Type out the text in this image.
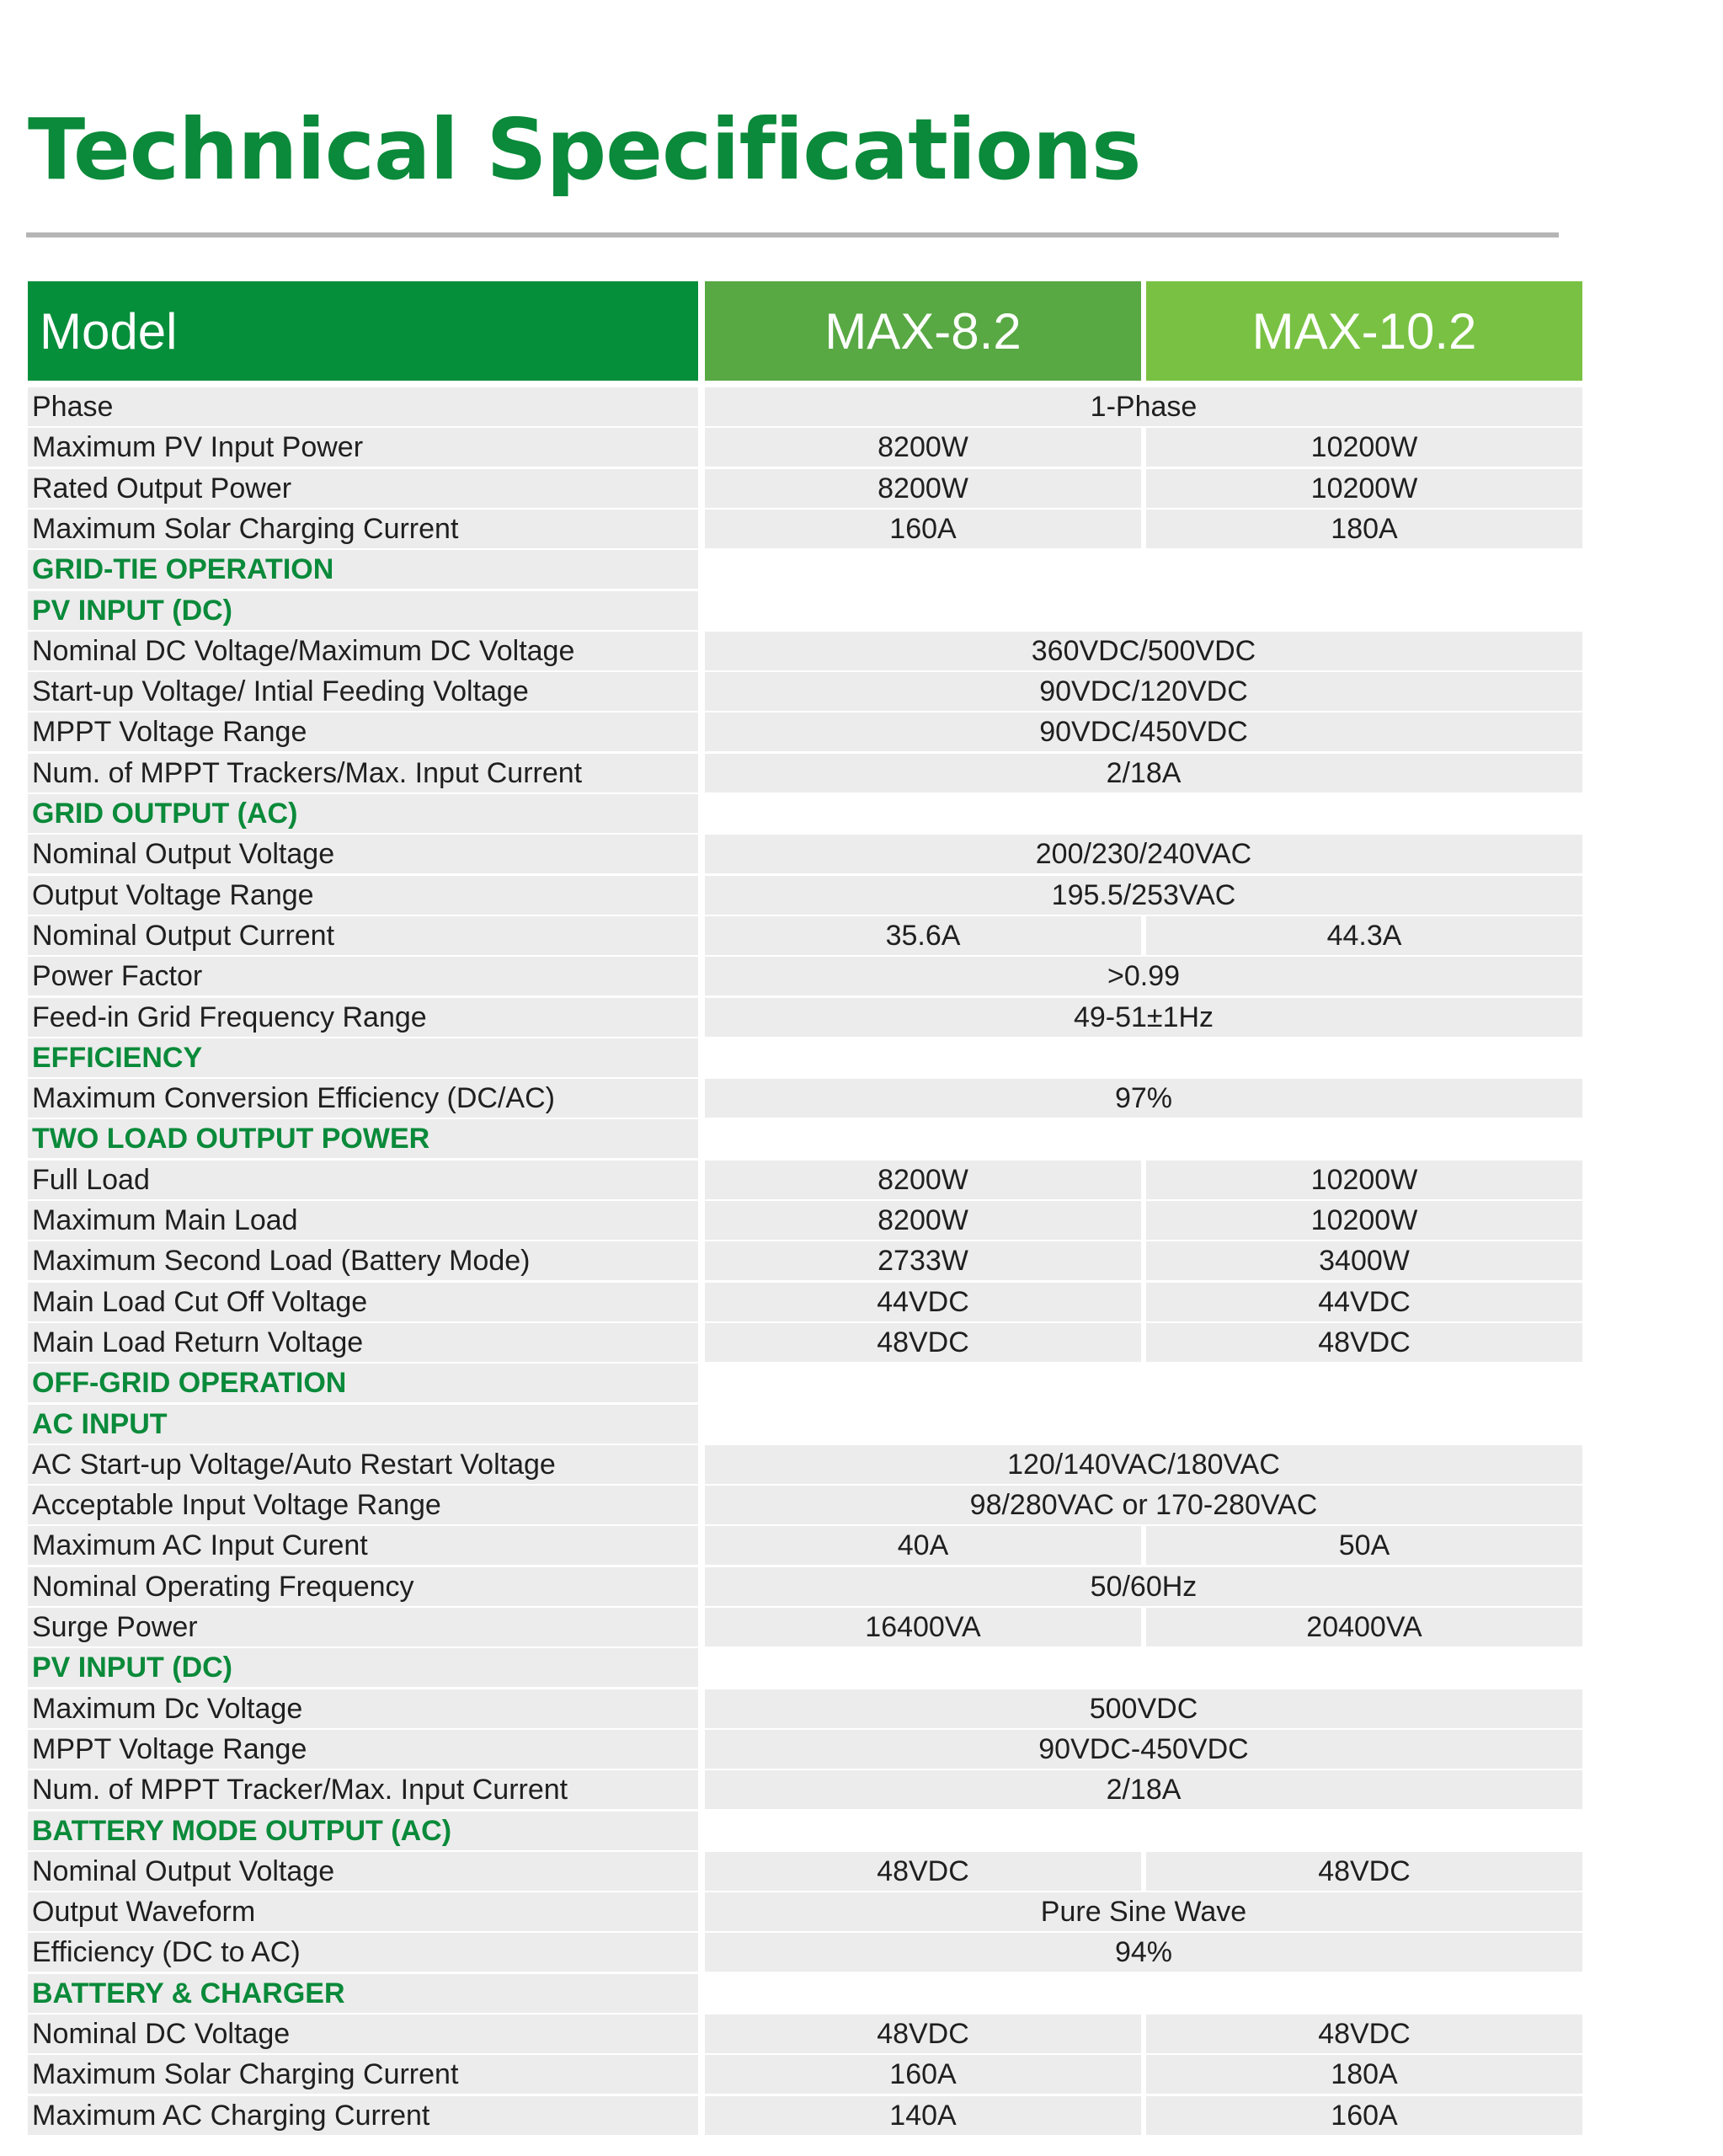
Technical Specifications
Model	MAX-8.2	MAX-10.2
Phase	1-Phase
Maximum PV Input Power	8200W	10200W
Rated Output Power	8200W	10200W
Maximum Solar Charging Current	160A	180A
GRID-TIE OPERATION
PV INPUT (DC)
Nominal DC Voltage/Maximum DC Voltage	360VDC/500VDC
Start-up Voltage/ Intial Feeding Voltage	90VDC/120VDC
MPPT Voltage Range	90VDC/450VDC
Num. of MPPT Trackers/Max. Input Current	2/18A
GRID OUTPUT (AC)
Nominal Output Voltage	200/230/240VAC
Output Voltage Range	195.5/253VAC
Nominal Output Current	35.6A	44.3A
Power Factor	>0.99
Feed-in Grid Frequency Range	49-51±1Hz
EFFICIENCY
Maximum Conversion Efficiency (DC/AC)	97%
TWO LOAD OUTPUT POWER
Full Load	8200W	10200W
Maximum Main Load	8200W	10200W
Maximum Second Load (Battery Mode)	2733W	3400W
Main Load Cut Off Voltage	44VDC	44VDC
Main Load Return Voltage	48VDC	48VDC
OFF-GRID OPERATION
AC INPUT
AC Start-up Voltage/Auto Restart Voltage	120/140VAC/180VAC
Acceptable Input Voltage Range	98/280VAC or 170-280VAC
Maximum AC Input Curent	40A	50A
Nominal Operating Frequency	50/60Hz
Surge Power	16400VA	20400VA
PV INPUT (DC)
Maximum Dc Voltage	500VDC
MPPT Voltage Range	90VDC-450VDC
Num. of MPPT Tracker/Max. Input Current	2/18A
BATTERY MODE OUTPUT (AC)
Nominal Output Voltage	48VDC	48VDC
Output Waveform	Pure Sine Wave
Efficiency (DC to AC)	94%
BATTERY & CHARGER
Nominal DC Voltage	48VDC	48VDC
Maximum Solar Charging Current	160A	180A
Maximum AC Charging Current	140A	160A
